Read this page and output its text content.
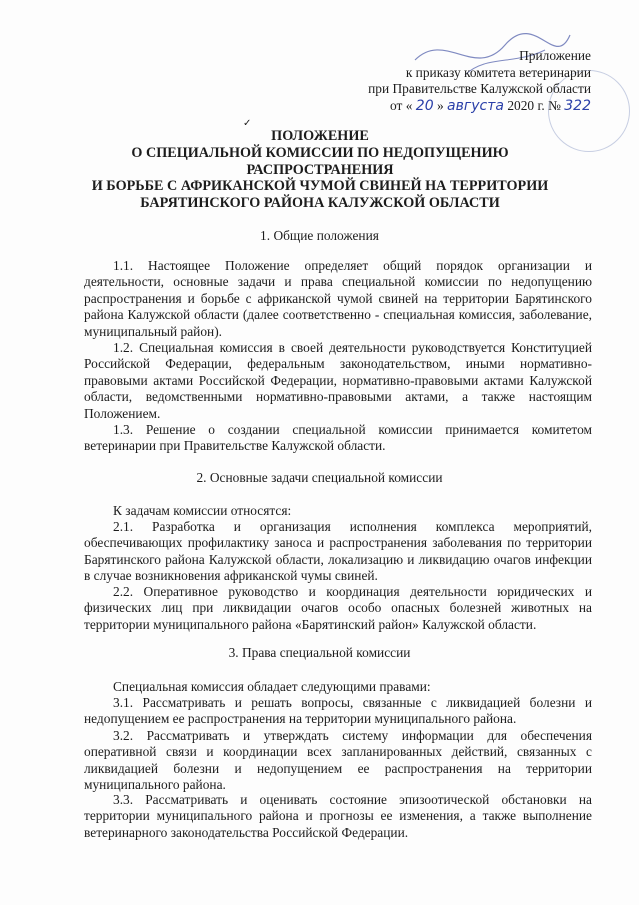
Приложение
к приказу комитета ветеринарии
при Правительстве Калужской области
от « 20 » августа 2020 г. № 322
✓
ПОЛОЖЕНИЕ
О СПЕЦИАЛЬНОЙ КОМИССИИ ПО НЕДОПУЩЕНИЮ
РАСПРОСТРАНЕНИЯ
И БОРЬБЕ С АФРИКАНСКОЙ ЧУМОЙ СВИНЕЙ НА ТЕРРИТОРИИ
БАРЯТИНСКОГО РАЙОНА КАЛУЖСКОЙ ОБЛАСТИ
1. Общие положения
1.1. Настоящее Положение определяет общий порядок организации и деятельности, основные задачи и права специальной комиссии по недопущению распространения и борьбе с африканской чумой свиней на территории Барятинского района Калужской области (далее соответственно - специальная комиссия, заболевание, муниципальный район).
1.2. Специальная комиссия в своей деятельности руководствуется Конституцией Российской Федерации, федеральным законодательством, иными нормативно-правовыми актами Российской Федерации, нормативно-правовыми актами Калужской области, ведомственными нормативно-правовыми актами, а также настоящим Положением.
1.3. Решение о создании специальной комиссии принимается комитетом ветеринарии при Правительстве Калужской области.
2. Основные задачи специальной комиссии
К задачам комиссии относятся:
2.1. Разработка и организация исполнения комплекса мероприятий, обеспечивающих профилактику заноса и распространения заболевания по территории Барятинского района Калужской области, локализацию и ликвидацию очагов инфекции в случае возникновения африканской чумы свиней.
2.2. Оперативное руководство и координация деятельности юридических и физических лиц при ликвидации очагов особо опасных болезней животных на территории муниципального района «Барятинский район» Калужской области.
3. Права специальной комиссии
Специальная комиссия обладает следующими правами:
3.1. Рассматривать и решать вопросы, связанные с ликвидацией болезни и недопущением ее распространения на территории муниципального района.
3.2. Рассматривать и утверждать систему информации для обеспечения оперативной связи и координации всех запланированных действий, связанных с ликвидацией болезни и недопущением ее распространения на территории муниципального района.
3.3. Рассматривать и оценивать состояние эпизоотической обстановки на территории муниципального района и прогнозы ее изменения, а также выполнение ветеринарного законодательства Российской Федерации.
